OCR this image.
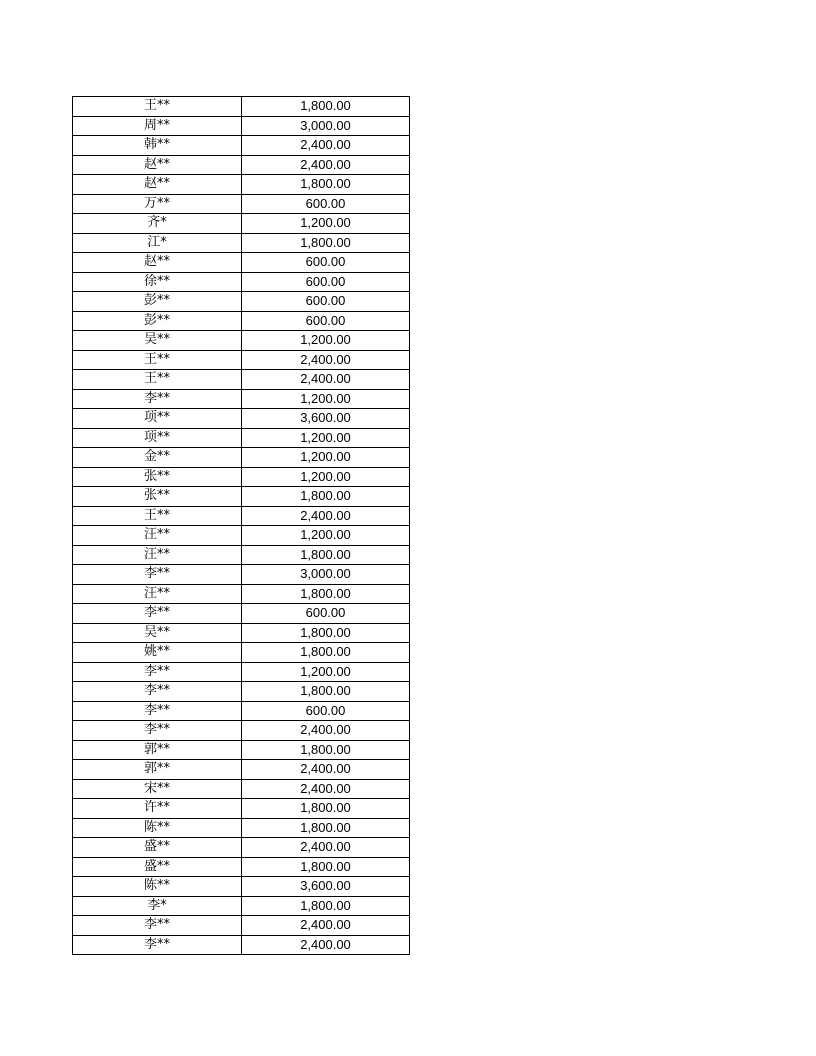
王**	1,800.00
周**	3,000.00
韩**	2,400.00
赵**	2,400.00
赵**	1,800.00
万**	600.00
齐*	1,200.00
江*	1,800.00
赵**	600.00
徐**	600.00
彭**	600.00
彭**	600.00
吴**	1,200.00
王**	2,400.00
王**	2,400.00
李**	1,200.00
项**	3,600.00
项**	1,200.00
金**	1,200.00
张**	1,200.00
张**	1,800.00
王**	2,400.00
汪**	1,200.00
汪**	1,800.00
李**	3,000.00
汪**	1,800.00
李**	600.00
吴**	1,800.00
姚**	1,800.00
李**	1,200.00
李**	1,800.00
李**	600.00
李**	2,400.00
郭**	1,800.00
郭**	2,400.00
宋**	2,400.00
许**	1,800.00
陈**	1,800.00
盛**	2,400.00
盛**	1,800.00
陈**	3,600.00
李*	1,800.00
李**	2,400.00
李**	2,400.00
